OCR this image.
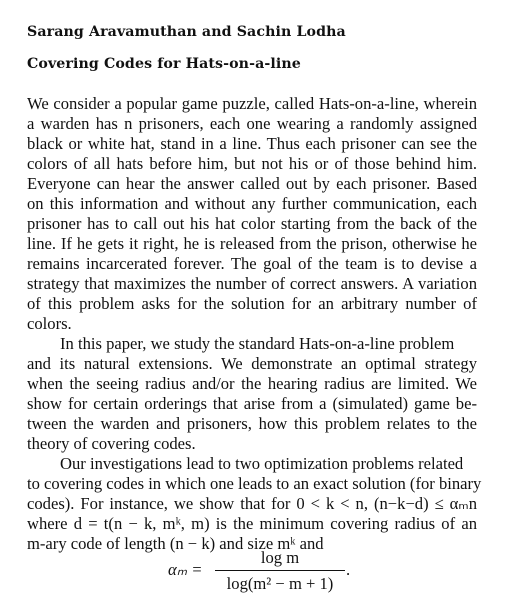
Sarang Aravamuthan and Sachin Lodha
Covering Codes for Hats-on-a-line
We consider a popular game puzzle, called Hats-on-a-line, wherein
a warden has n prisoners, each one wearing a randomly assigned
black or white hat, stand in a line. Thus each prisoner can see the
colors of all hats before him, but not his or of those behind him.
Everyone can hear the answer called out by each prisoner. Based
on this information and without any further communication, each
prisoner has to call out his hat color starting from the back of the
line. If he gets it right, he is released from the prison, otherwise he
remains incarcerated forever. The goal of the team is to devise a
strategy that maximizes the number of correct answers. A variation
of this problem asks for the solution for an arbitrary number of
colors.
In this paper, we study the standard Hats-on-a-line problem
and its natural extensions. We demonstrate an optimal strategy
when the seeing radius and/or the hearing radius are limited. We
show for certain orderings that arise from a (simulated) game be-
tween the warden and prisoners, how this problem relates to the
theory of covering codes.
Our investigations lead to two optimization problems related
to covering codes in which one leads to an exact solution (for binary
codes). For instance, we show that for 0 < k < n, (n−k−d) ≤ αₘn
where d = t(n − k, mᵏ, m) is the minimum covering radius of an
m-ary code of length (n − k) and size mᵏ and
αₘ =
log m
log(m² − m + 1)
.
